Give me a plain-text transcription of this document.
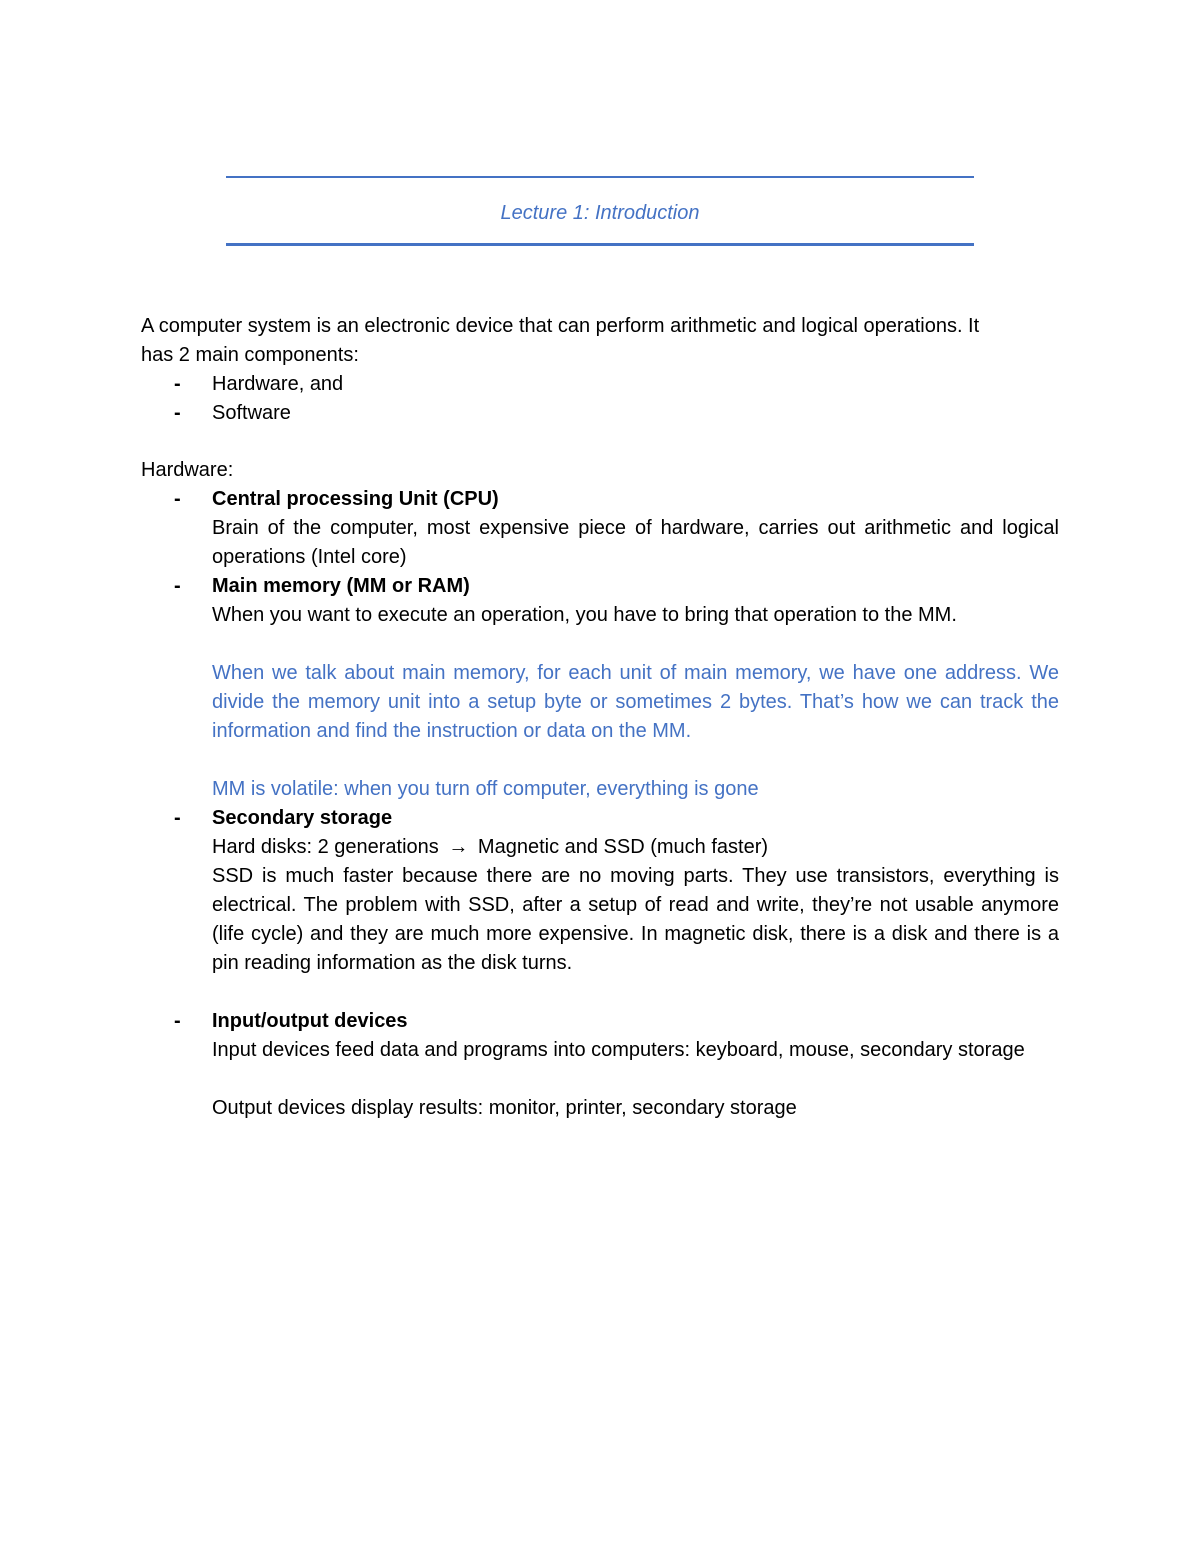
Lecture 1: Introduction
A computer system is an electronic device that can perform arithmetic and logical operations. It
has 2 main components:
- Hardware, and
- Software
Hardware:
- Central processing Unit (CPU)
Brain of the computer, most expensive piece of hardware, carries out arithmetic and logical operations (Intel core)
- Main memory (MM or RAM)
When you want to execute an operation, you have to bring that operation to the MM.
When we talk about main memory, for each unit of main memory, we have one address. We divide the memory unit into a setup byte or sometimes 2 bytes. That’s how we can track the information and find the instruction or data on the MM.
MM is volatile: when you turn off computer, everything is gone
- Secondary storage
Hard disks: 2 generations → Magnetic and SSD (much faster)
SSD is much faster because there are no moving parts. They use transistors, everything is electrical. The problem with SSD, after a setup of read and write, they’re not usable anymore (life cycle) and they are much more expensive. In magnetic disk, there is a disk and there is a pin reading information as the disk turns.
- Input/output devices
Input devices feed data and programs into computers: keyboard, mouse, secondary storage
Output devices display results: monitor, printer, secondary storage
